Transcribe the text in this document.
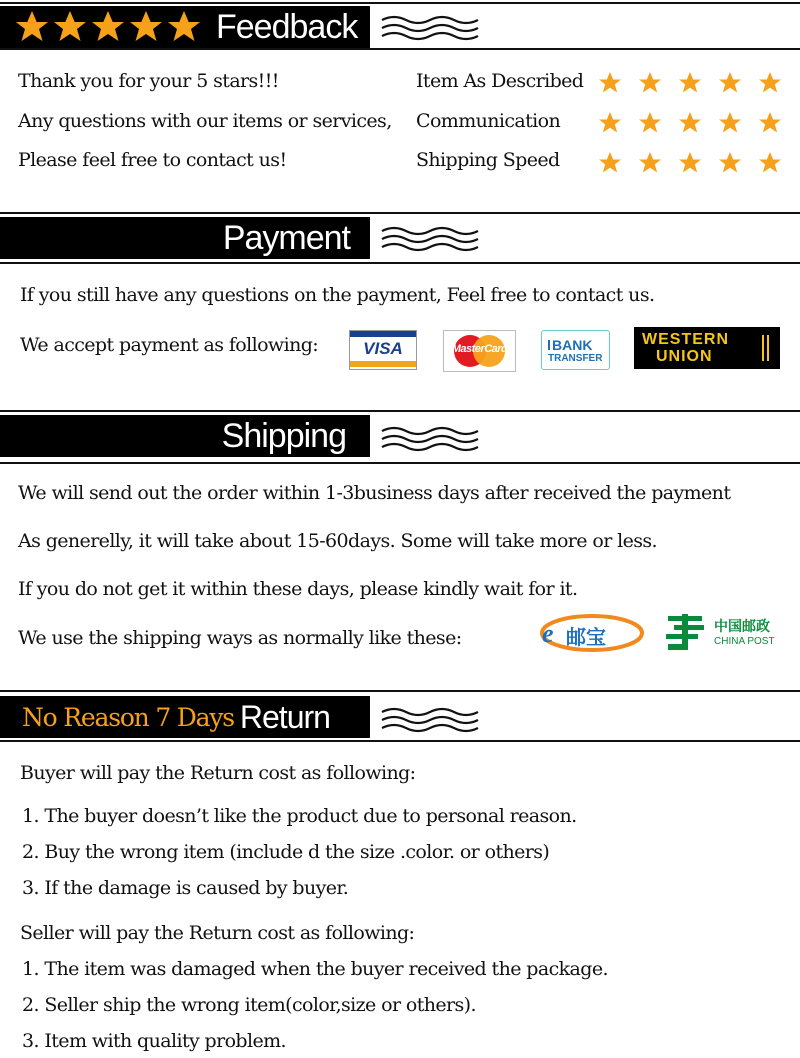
Feedback
Thank you for your 5 stars!!!
Any questions with our items or services,
Please feel free to contact us!
Item As Described
Communication
Shipping Speed
Payment
If you still have any questions on the payment, Feel free to contact us.
We accept payment as following:	VISA	MasterCard	BANK
TRANSFER
WESTERN
UNION
Shipping
We will send out the order within 1-3business days after received the payment
As generelly, it will take about 15-60days. Some will take more or less.
If you do not get it within these days, please kindly wait for it.
We use the shipping ways as normally like these:	e 邮宝	中国邮政
CHINA POST
No Reason 7 Days Return
Buyer will pay the Return cost as following:
1. The buyer doesn’t like the product due to personal reason.
2. Buy the wrong item (include d the size .color. or others)
3. If the damage is caused by buyer.
Seller will pay the Return cost as following:
1. The item was damaged when the buyer received the package.
2. Seller ship the wrong item(color,size or others).
3. Item with quality problem.
